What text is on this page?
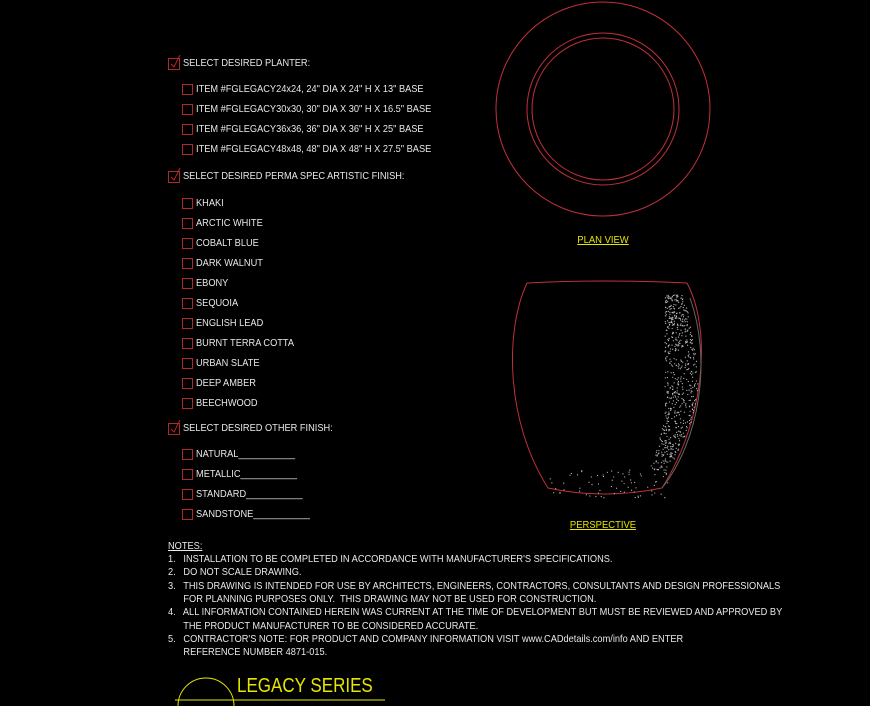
SELECT DESIRED PLANTER:
ITEM #FGLEGACY24x24, 24" DIA X 24" H X 13" BASE
ITEM #FGLEGACY30x30, 30" DIA X 30" H X 16.5" BASE
ITEM #FGLEGACY36x36, 36" DIA X 36" H X 25" BASE
ITEM #FGLEGACY48x48, 48" DIA X 48" H X 27.5" BASE
SELECT DESIRED PERMA SPEC ARTISTIC FINISH:
KHAKI
ARCTIC WHITE
COBALT BLUE
DARK WALNUT
EBONY
SEQUOIA
ENGLISH LEAD
BURNT TERRA COTTA
URBAN SLATE
DEEP AMBER
BEECHWOOD
SELECT DESIRED OTHER FINISH:
NATURAL___________
METALLIC___________
STANDARD___________
SANDSTONE___________
PLAN VIEW
PERSPECTIVE
NOTES:
1.   INSTALLATION TO BE COMPLETED IN ACCORDANCE WITH MANUFACTURER'S SPECIFICATIONS.
2.   DO NOT SCALE DRAWING.
3.   THIS DRAWING IS INTENDED FOR USE BY ARCHITECTS, ENGINEERS, CONTRACTORS, CONSULTANTS AND DESIGN PROFESSIONALS
FOR PLANNING PURPOSES ONLY.  THIS DRAWING MAY NOT BE USED FOR CONSTRUCTION.
4.   ALL INFORMATION CONTAINED HEREIN WAS CURRENT AT THE TIME OF DEVELOPMENT BUT MUST BE REVIEWED AND APPROVED BY
THE PRODUCT MANUFACTURER TO BE CONSIDERED ACCURATE.
5.   CONTRACTOR'S NOTE: FOR PRODUCT AND COMPANY INFORMATION VISIT www.CADdetails.com/info AND ENTER
REFERENCE NUMBER 4871-015.
LEGACY SERIES
